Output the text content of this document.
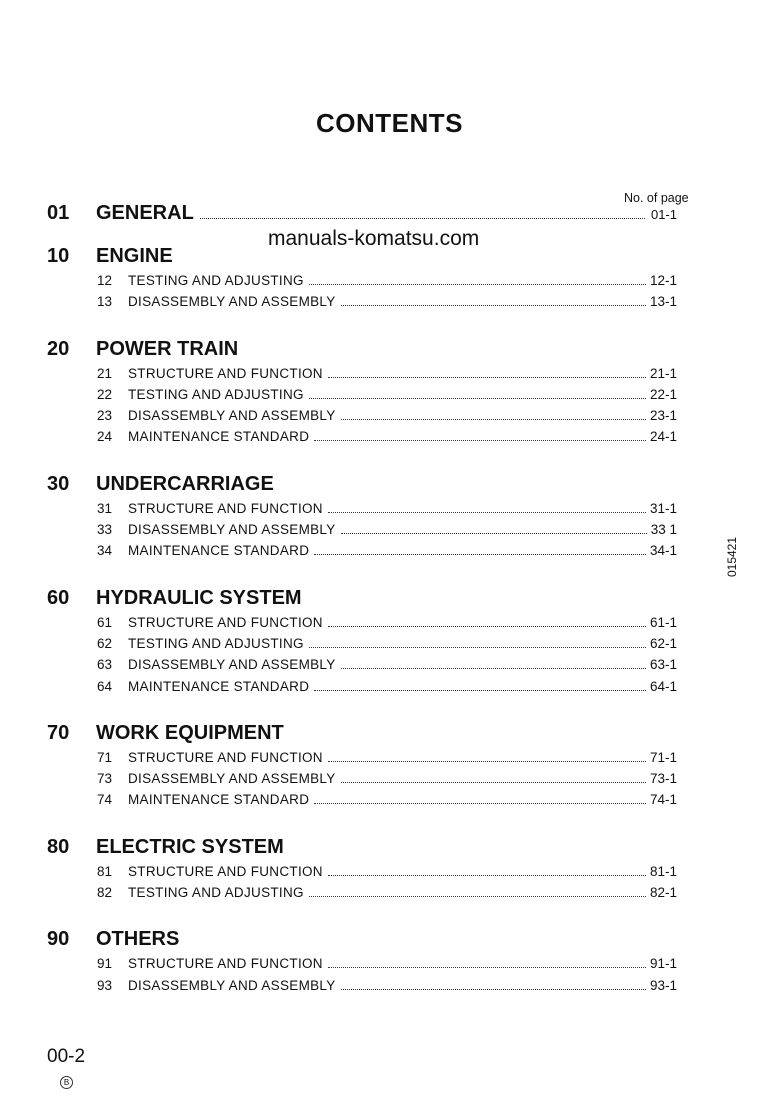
CONTENTS
No. of page
manuals-komatsu.com
01	GENERAL	01-1
10	ENGINE
12	TESTING AND ADJUSTING	12-1
13	DISASSEMBLY AND ASSEMBLY	13-1
20	POWER TRAIN
21	STRUCTURE AND FUNCTION	21-1
22	TESTING AND ADJUSTING	22-1
23	DISASSEMBLY AND ASSEMBLY	23-1
24	MAINTENANCE STANDARD	24-1
30	UNDERCARRIAGE
31	STRUCTURE AND FUNCTION	31-1
33	DISASSEMBLY AND ASSEMBLY	33 1
34	MAINTENANCE STANDARD	34-1
60	HYDRAULIC SYSTEM
61	STRUCTURE AND FUNCTION	61-1
62	TESTING AND ADJUSTING	62-1
63	DISASSEMBLY AND ASSEMBLY	63-1
64	MAINTENANCE STANDARD	64-1
70	WORK EQUIPMENT
71	STRUCTURE AND FUNCTION	71-1
73	DISASSEMBLY AND ASSEMBLY	73-1
74	MAINTENANCE STANDARD	74-1
80	ELECTRIC SYSTEM
81	STRUCTURE AND FUNCTION	81-1
82	TESTING AND ADJUSTING	82-1
90	OTHERS
91	STRUCTURE AND FUNCTION	91-1
93	DISASSEMBLY AND ASSEMBLY	93-1
015421
00-2
B
